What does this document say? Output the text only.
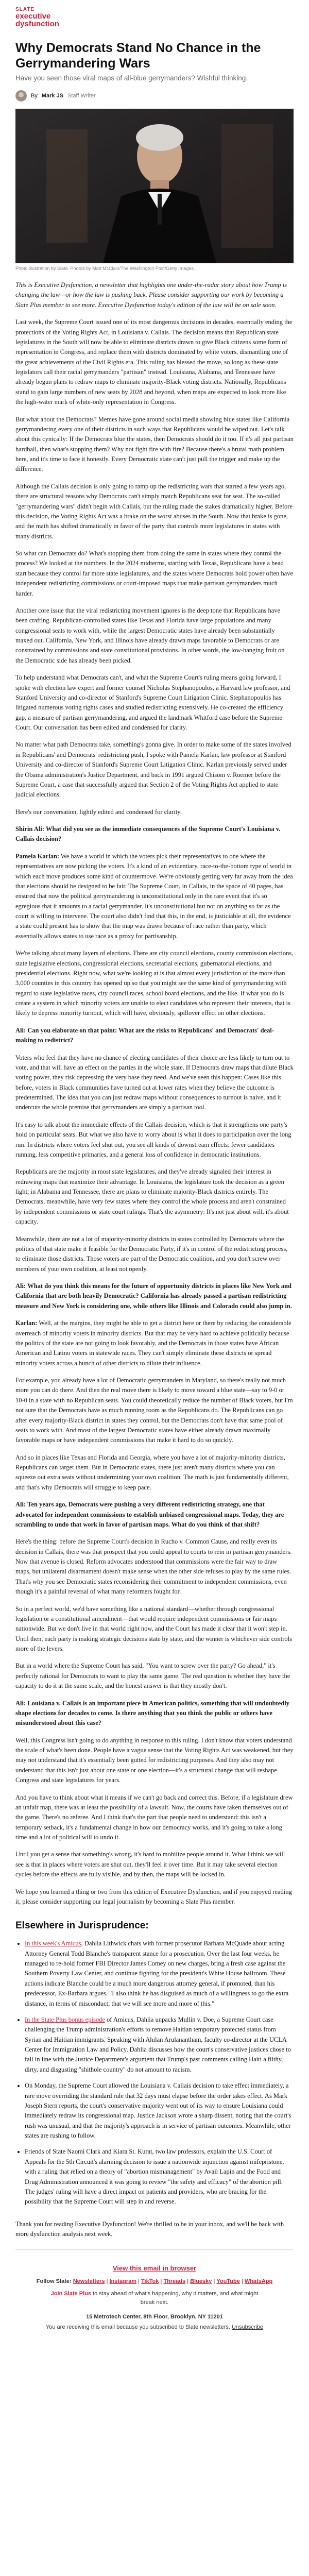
SLATE
executive
dysfunction
Why Democrats Stand No Chance in the Gerrymandering Wars
Have you seen those viral maps of all-blue gerrymanders? Wishful thinking.
By Mark JS Staff Writer
Photo illustration by Slate. Photos by Matt McClain/The Washington Post/Getty Images.

This is Executive Dysfunction, a newsletter that highlights one under-the-radar story about how Trump is changing the law—or how the law is pushing back. Please consider supporting our work by becoming a Slate Plus member to see more. Executive Dysfunction today's edition of the law will be on sale soon.

Last week, the Supreme Court issued one of its most dangerous decisions in decades, essentially ending the protections of the Voting Rights Act, in Louisiana v. Callais. The decision means that Republican state legislatures in the South will now be able to eliminate districts drawn to give Black citizens some form of representation in Congress, and replace them with districts dominated by white voters, dismantling one of the great achievements of the Civil Rights era. This ruling has blessed the move, so long as these state legislators call their racial gerrymanders "partisan" instead. Louisiana, Alabama, and Tennessee have already begun plans to redraw maps to eliminate majority-Black voting districts. Nationally, Republicans stand to gain large numbers of new seats by 2028 and beyond, when maps are expected to look more like the high-water mark of white-only representation in Congress.

But what about the Democrats? Memes have gone around social media showing blue states like California gerrymandering every one of their districts in such ways that Republicans would be wiped out. Let's talk about this cynically: If the Democrats blue the states, then Democrats should do it too. If it's all just partisan hardball, then what's stopping them? Why not fight fire with fire? Because there's a brutal math problem here, and it's time to face it honestly. Every Democratic state can't just pull the trigger and make up the difference.

Although the Callais decision is only going to ramp up the redistricting wars that started a few years ago, there are structural reasons why Democrats can't simply match Republicans seat for seat. The so-called "gerrymandering wars" didn't begin with Callais, but the ruling made the stakes dramatically higher. Before this decision, the Voting Rights Act was a brake on the worst abuses in the South. Now that brake is gone, and the math has shifted dramatically in favor of the party that controls more legislatures in states with many districts.

So what can Democrats do? What's stopping them from doing the same in states where they control the process? We looked at the numbers. In the 2024 midterms, starting with Texas, Republicans have a head start because they control far more state legislatures, and the states where Democrats hold power often have independent redistricting commissions or court-imposed maps that make partisan gerrymanders much harder.

Another core issue that the viral redistricting movement ignores is the deep tone that Republicans have been crafting. Republican-controlled states like Texas and Florida have large populations and many congressional seats to work with, while the largest Democratic states have already been substantially maxed out. California, New York, and Illinois have already drawn maps favorable to Democrats or are constrained by commissions and state constitutional provisions. In other words, the low-hanging fruit on the Democratic side has already been picked.

To help understand what Democrats can't, and what the Supreme Court's ruling means going forward, I spoke with election law expert and former counsel Nicholas Stephanopoulos, a Harvard law professor, and Stanford University and co-director of Stanford's Supreme Court Litigation Clinic. Stephanopoulos has litigated numerous voting rights cases and studied redistricting extensively. He co-created the efficiency gap, a measure of partisan gerrymandering, and argued the landmark Whitford case before the Supreme Court. Our conversation has been edited and condensed for clarity.

No matter what path Democrats take, something's gonna give. In order to make some of the states involved in Republicans' and Democrats' redistricting push, I spoke with Pamela Karlan, law professor at Stanford University and co-director of Stanford's Supreme Court Litigation Clinic. Karlan previously served under the Obama administration's Justice Department, and back in 1991 argued Chisom v. Roemer before the Supreme Court, a case that successfully argued that Section 2 of the Voting Rights Act applied to state judicial elections.

Here's our conversation, lightly edited and condensed for clarity.

Shirin Ali: What did you see as the immediate consequences of the Supreme Court's Louisiana v. Callais decision?

Pamela Karlan: We have a world in which the voters pick their representatives to one where the representatives are now picking the voters. It's a kind of an evidentiary, race-to-the-bottom type of world in which each move produces some kind of countermove. We're obviously getting very far away from the idea that elections should be designed to be fair. The Supreme Court, in Callais, in the space of 40 pages, has ensured that now the political gerrymandering is unconstitutional only in the rare event that it's so egregious that it amounts to a racial gerrymander. It's unconstitutional but not on anything so far as the court is willing to intervene. The court also didn't find that this, in the end, is justiciable at all, the evidence a state could present has to show that the map was drawn because of race rather than party, which essentially allows states to use race as a proxy for partisanship.

We're talking about many layers of elections. There are city council elections, county commission elections, state legislative elections, congressional elections, secretarial elections, gubernatorial elections, and presidential elections. Right now, what we're looking at is that almost every jurisdiction of the more than 3,000 counties in this country has opened up so that you might see the same kind of gerrymandering with regard to state legislative races, city council races, school board elections, and the like. If what you do is create a system in which minority voters are unable to elect candidates who represent their interests, that is likely to depress minority turnout, which will have, obviously, spillover effect on other elections.

Ali: Can you elaborate on that point: What are the risks to Republicans' and Democrats' deal-making to redistrict?

Voters who feel that they have no chance of electing candidates of their choice are less likely to turn out to vote, and that will have an effect on the parties in the whole state. If Democrats draw maps that dilute Black voting power, they risk depressing the very base they need. And we've seen this happen: Cases like this before, voters in Black communities have turned out at lower rates when they believe the outcome is predetermined. The idea that you can just redraw maps without consequences to turnout is naive, and it undercuts the whole premise that gerrymanders are simply a partisan tool.

It's easy to talk about the immediate effects of the Callais decision, which is that it strengthens one party's hold on particular seats. But what we also have to worry about is what it does to participation over the long run. In districts where voters feel shut out, you see all kinds of downstream effects: fewer candidates running, less competitive primaries, and a general loss of confidence in democratic institutions.

Republicans are the majority in most state legislatures, and they've already signaled their interest in redrawing maps that maximize their advantage. In Louisiana, the legislature took the decision as a green light; in Alabama and Tennessee, there are plans to eliminate majority-Black districts entirely. The Democrats, meanwhile, have very few states where they control the whole process and aren't constrained by independent commissions or state court rulings. That's the asymmetry: It's not just about will, it's about capacity.

Meanwhile, there are not a lot of majority-minority districts in states controlled by Democrats where the politics of that state make it feasible for the Democratic Party, if it's in control of the redistricting process, to eliminate those districts. Those voters are part of the Democratic coalition, and you don't screw over members of your own coalition, at least not openly.

Ali: What do you think this means for the future of opportunity districts in places like New York and California that are both heavily Democratic? California has already passed a partisan redistricting measure and New York is considering one, while others like Illinois and Colorado could also jump in.

Karlan: Well, at the margins, they might be able to get a district here or there by reducing the considerable overreach of minority voters in minority districts. But that may be very hard to achieve politically because the politics of the state are not going to look favorably, and the Democrats in those states have African American and Latino voters in statewide races. They can't simply eliminate these districts or spread minority voters across a bunch of other districts to dilute their influence.

For example, you already have a lot of Democratic gerrymanders in Maryland, so there's really not much more you can do there. And then the real move there is likely to move toward a blue state—say to 9-0 or 10-0 in a state with no Republican seats. You could theoretically reduce the number of Black voters, but I'm not sure that the Democrats have as much running room as the Republicans do. The Republicans can go after every majority-Black district in states they control, but the Democrats don't have that same pool of seats to work with. And most of the largest Democratic states have either already drawn maximally favorable maps or have independent commissions that make it hard to do so quickly.

And so in places like Texas and Florida and Georgia, where you have a lot of majority-minority districts, Republicans can target them. But in Democratic states, there just aren't many districts where you can squeeze out extra seats without undermining your own coalition. The math is just fundamentally different, and that's why Democrats will struggle to keep pace.

Ali: Ten years ago, Democrats were pushing a very different redistricting strategy, one that advocated for independent commissions to establish unbiased congressional maps. Today, they are scrambling to undo that work in favor of partisan maps. What do you think of that shift?

Here's the thing: before the Supreme Court's decision in Rucho v. Common Cause, and really even its decision in Callais, there was that prospect that you could appeal to courts to rein in partisan gerrymanders. Now that avenue is closed. Reform advocates understood that commissions were the fair way to draw maps, but unilateral disarmament doesn't make sense when the other side refuses to play by the same rules. That's why you see Democratic states reconsidering their commitment to independent commissions, even though it's a painful reversal of what many reformers fought for.

So in a perfect world, we'd have something like a national standard—whether through congressional legislation or a constitutional amendment—that would require independent commissions or fair maps nationwide. But we don't live in that world right now, and the Court has made it clear that it won't step in. Until then, each party is making strategic decisions state by state, and the winner is whichever side controls more of the levers.

But in a world where the Supreme Court has said, "You want to screw over the party? Go ahead," it's perfectly rational for Democrats to want to play the same game. The real question is whether they have the capacity to do it at the same scale, and the honest answer is that they mostly don't.

Ali: Louisiana v. Callais is an important piece in American politics, something that will undoubtedly shape elections for decades to come. Is there anything that you think the public or others have misunderstood about this case?

Well, this Congress isn't going to do anything in response to this ruling. I don't know that voters understand the scale of what's been done. People have a vague sense that the Voting Rights Act was weakened, but they may not understand that it's essentially been gutted for redistricting purposes. And they also may not understand that this isn't just about one state or one election—it's a structural change that will reshape Congress and state legislatures for years.

And you have to think about what it means if we can't go back and correct this. Before, if a legislature drew an unfair map, there was at least the possibility of a lawsuit. Now, the courts have taken themselves out of the game. There's no referee. And I think that's the part that people need to understand: this isn't a temporary setback, it's a fundamental change in how our democracy works, and it's going to take a long time and a lot of political will to undo it.

Until you get a sense that something's wrong, it's hard to mobilize people around it. What I think we will see is that in places where voters are shut out, they'll feel it over time. But it may take several election cycles before the effects are fully visible, and by then, the maps will be locked in.

We hope you learned a thing or two from this edition of Executive Dysfunction, and if you enjoyed reading it, please consider supporting our legal journalism by becoming a Slate Plus member.

Elsewhere in Jurisprudence:
• In this week's Amicus, Dahlia Lithwick chats with former prosecutor Barbara McQuade about acting Attorney General Todd Blanche's transparent stance for a prosecution. Over the last four weeks, he managed to re-hold former FBI Director James Comey on new charges, bring a fresh case against the Southern Poverty Law Center, and continue fighting for the president's White House ballroom. These actions indicate Blanche could be a much more dangerous attorney general, if promoted, than his predecessor, Ex-Barbara argues. "I also think he has disguised as much of a willingness to go the extra distance, in terms of misconduct, that we will see more and more of this."
• In the State Plus bonus episode of Amicus, Dahlia unpacks Mullin v. Doe, a Supreme Court case challenging the Trump administration's efforts to remove Haitian temporary protected status from Syrian and Haitian immigrants. Speaking with Ahilan Arulanantham, faculty co-director at the UCLA Center for Immigration Law and Policy, Dahlia discusses how the court's conservative justices chose to fall in line with the Justice Department's argument that Trump's past comments calling Haiti a filthy, dirty, and disgusting "shithole country" do not amount to racism.
• On Monday, the Supreme Court allowed the Louisiana v. Callais decision to take effect immediately, a rare move overriding the standard rule that 32 days must elapse before the order takes effect. As Mark Joseph Stern reports, the court's conservative majority went out of its way to ensure Louisiana could immediately redraw its congressional map. Justice Jackson wrote a sharp dissent, noting that the court's rush was unusual, and that the majority's approach is in service of partisan outcomes. Meanwhile, other states are rushing to follow.
• Friends of State Naomi Clark and Kiara St. Kurat, two law professors, explain the U.S. Court of Appeals for the 5th Circuit's alarming decision to issue a nationwide injunction against mifepristone, with a ruling that relied on a theory of "abortion mismanagement" by Avail Lapin and the Food and Drug Administration announced it was going to review "the safety and efficacy" of the abortion pill. The judges' ruling will have a direct impact on patients and providers, who are bracing for the possibility that the Supreme Court will step in and reverse.
Thank you for reading Executive Dysfunction! We're thrilled to be in your inbox, and we'll be back with more dysfunction analysis next week.
View this email in browser
Follow Slate: Newsletters | Instagram | TikTok | Threads | Bluesky | YouTube | WhatsApp
Join Slate Plus to stay ahead of what's happening, why it matters, and what might break next.
15 Metrotech Center, 8th Floor, Brooklyn, NY 11201
You are receiving this email because you subscribed to Slate newsletters. Unsubscribe
